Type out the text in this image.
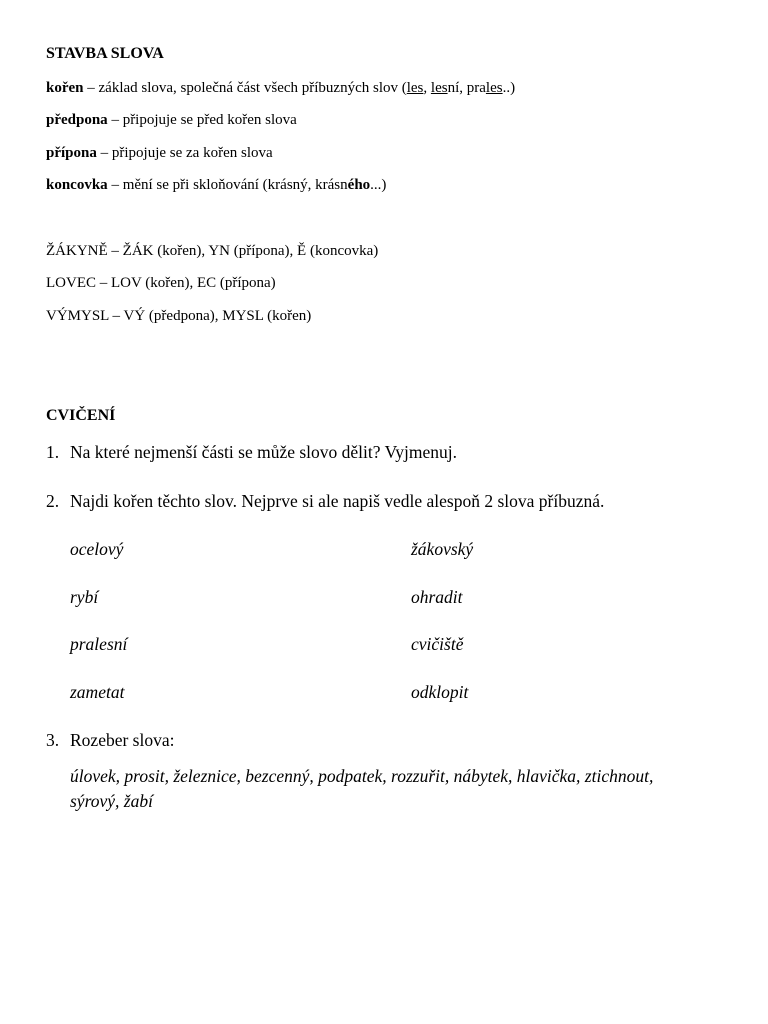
STAVBA SLOVA
kořen – základ slova, společná část všech příbuzných slov (les, lesní, prales..)
předpona – připojuje se před kořen slova
přípona – připojuje se za kořen slova
koncovka – mění se při skloňování (krásný, krásného...)
ŽÁKYNĚ – ŽÁK (kořen), YN (přípona), Ě (koncovka)
LOVEC – LOV (kořen), EC (přípona)
VÝMYSL – VÝ (předpona), MYSL (kořen)
CVIČENÍ
1. Na které nejmenší části se může slovo dělit? Vyjmenuj.
2. Najdi kořen těchto slov. Nejprve si ale napiš vedle alespoň 2 slova příbuzná.
ocelový
rybí
pralesní
zametat
žákovský
ohradit
cvičiště
odklopit
3. Rozeber slova:
úlovek, prosit, železnice, bezcenný, podpatek, rozzuřit, nábytek, hlavička, ztichnout,
sýrový, žabí
